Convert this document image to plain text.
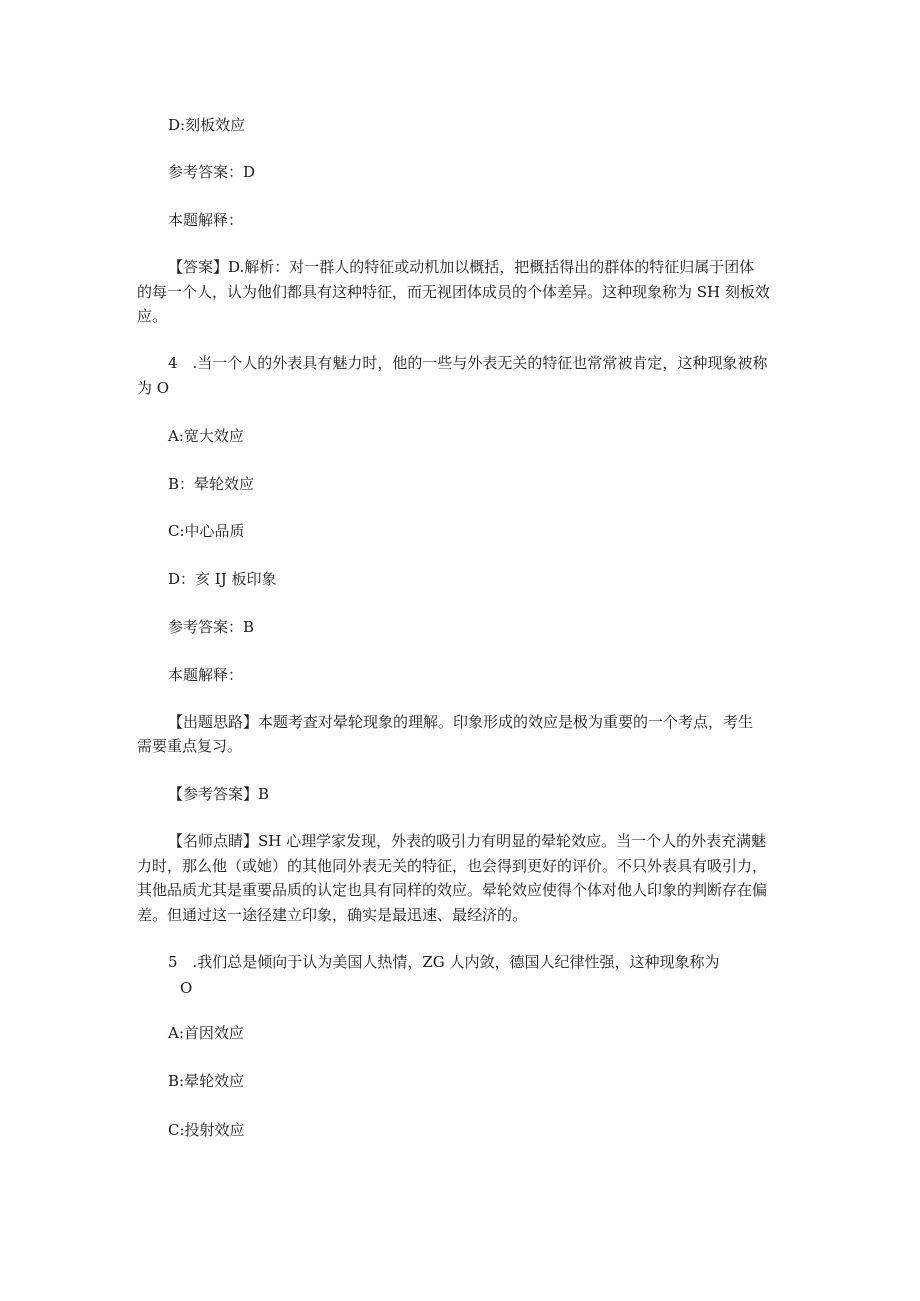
D:刻板效应
参考答案：D
本题解释：
【答案】D.解析：对一群人的特征或动机加以概括，把概括得出的群体的特征归属于团体
的每一个人，认为他们都具有这种特征，而无视团体成员的个体差异。这种现象称为 SH 刻板效
应。
4　.当一个人的外表具有魅力时，他的一些与外表无关的特征也常常被肯定，这种现象被称
为 O
A:宽大效应
B：晕轮效应
C:中心品质
D：亥 IJ 板印象
参考答案：B
本题解释：
【出题思路】本题考查对晕轮现象的理解。印象形成的效应是极为重要的一个考点，考生
需要重点复习。
【参考答案】B
【名师点睛】SH 心理学家发现，外表的吸引力有明显的晕轮效应。当一个人的外表充满魅
力时，那么他（或她）的其他同外表无关的特征，也会得到更好的评价。不只外表具有吸引力，
其他品质尤其是重要品质的认定也具有同样的效应。晕轮效应使得个体对他人印象的判断存在偏
差。但通过这一途径建立印象，确实是最迅速、最经济的。
5　.我们总是倾向于认为美国人热情，ZG 人内敛，德国人纪律性强，这种现象称为
O
A:首因效应
B:晕轮效应
C:投射效应
